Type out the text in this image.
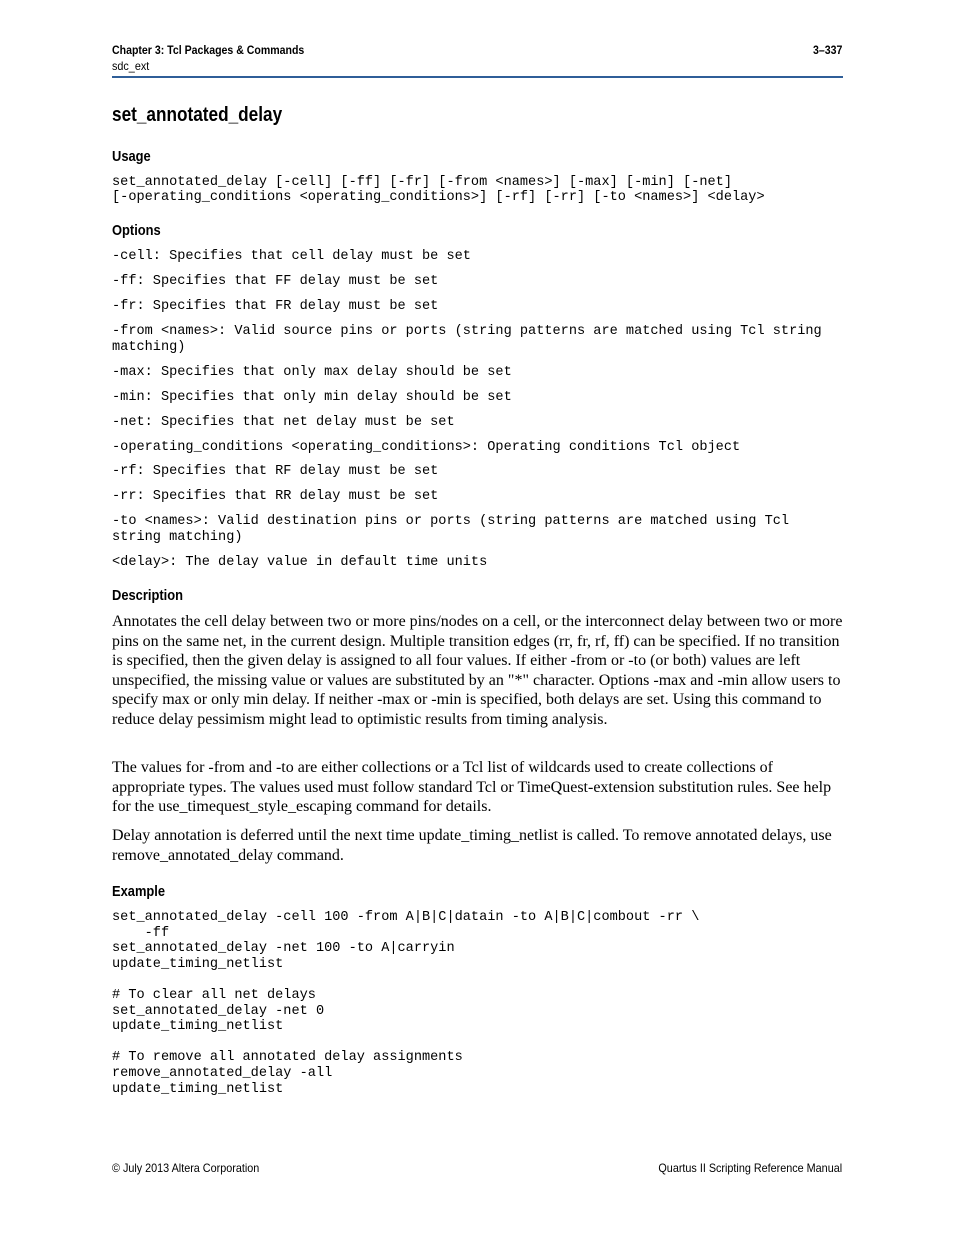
Chapter 3: Tcl Packages & Commands	3–337
sdc_ext
set_annotated_delay
Usage
set_annotated_delay [-cell] [-ff] [-fr] [-from <names>] [-max] [-min] [-net]
[-operating_conditions <operating_conditions>] [-rf] [-rr] [-to <names>] <delay>
Options
-cell: Specifies that cell delay must be set
-ff: Specifies that FF delay must be set
-fr: Specifies that FR delay must be set
-from <names>: Valid source pins or ports (string patterns are matched using Tcl string
matching)
-max: Specifies that only max delay should be set
-min: Specifies that only min delay should be set
-net: Specifies that net delay must be set
-operating_conditions <operating_conditions>: Operating conditions Tcl object
-rf: Specifies that RF delay must be set
-rr: Specifies that RR delay must be set
-to <names>: Valid destination pins or ports (string patterns are matched using Tcl
string matching)
<delay>: The delay value in default time units
Description
Annotates the cell delay between two or more pins/nodes on a cell, or the interconnect delay between two or more pins on the same net, in the current design. Multiple transition edges (rr, fr, rf, ff) can be specified. If no transition is specified, then the given delay is assigned to all four values. If either -from or -to (or both) values are left unspecified, the missing value or values are substituted by an "*" character. Options -max and -min allow users to specify max or only min delay. If neither -max or -min is specified, both delays are set. Using this command to reduce delay pessimism might lead to optimistic results from timing analysis.
The values for -from and -to are either collections or a Tcl list of wildcards used to create collections of appropriate types. The values used must follow standard Tcl or TimeQuest-extension substitution rules. See help for the use_timequest_style_escaping command for details.
Delay annotation is deferred until the next time update_timing_netlist is called. To remove annotated delays, use remove_annotated_delay command.
Example
set_annotated_delay -cell 100 -from A|B|C|datain -to A|B|C|combout -rr \
-ff
set_annotated_delay -net 100 -to A|carryin
update_timing_netlist

# To clear all net delays
set_annotated_delay -net 0
update_timing_netlist

# To remove all annotated delay assignments
remove_annotated_delay -all
update_timing_netlist
© July 2013 Altera Corporation	Quartus II Scripting Reference Manual
